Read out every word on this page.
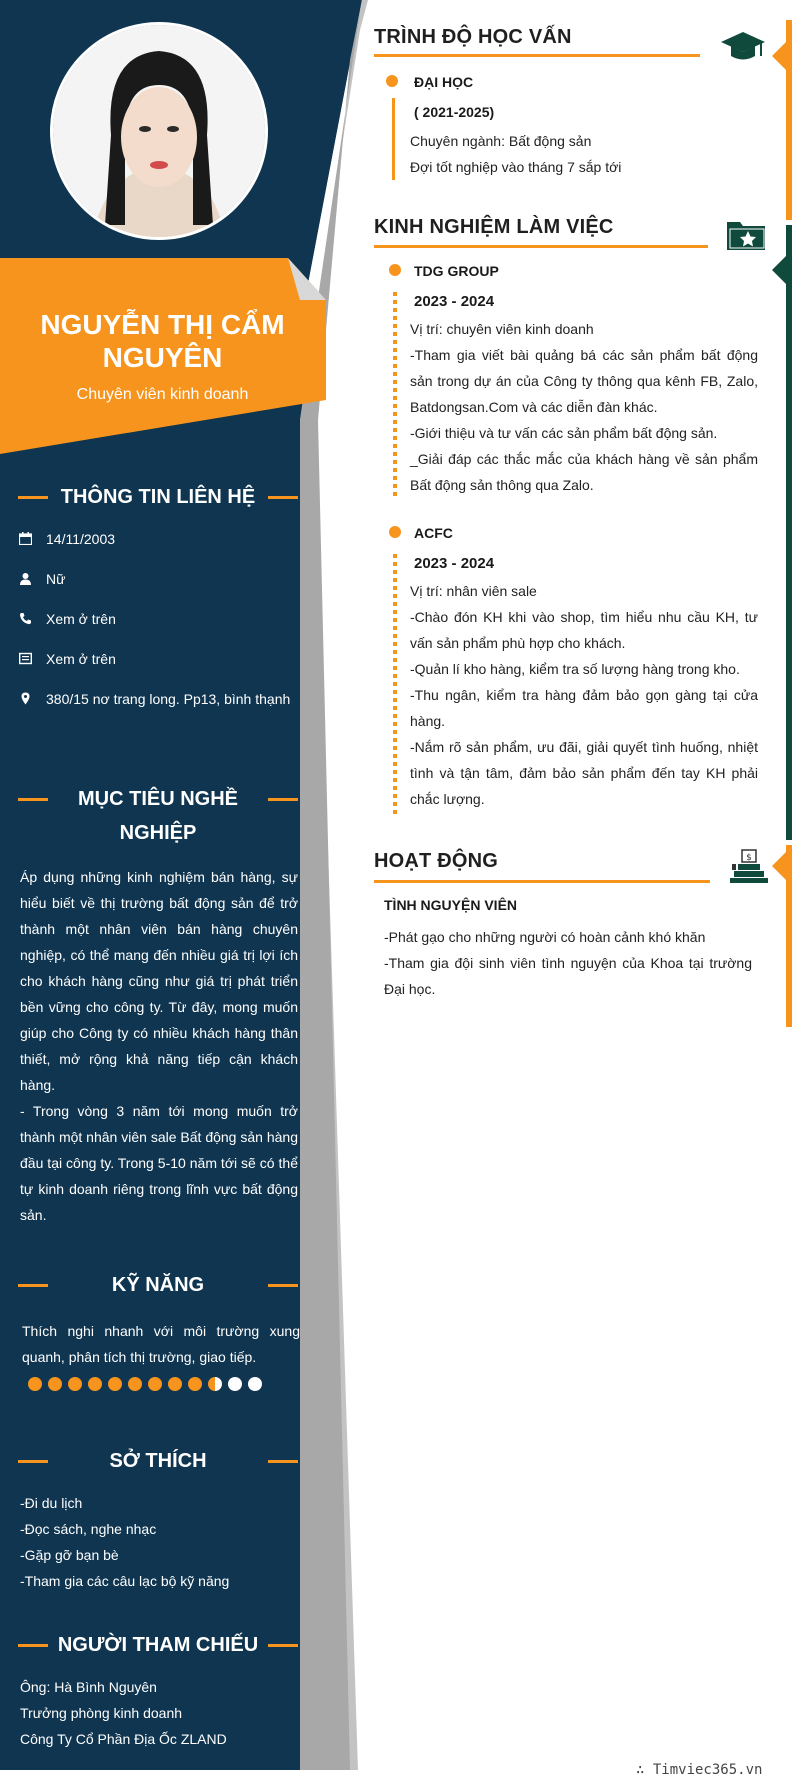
NGUYỄN THỊ CẨM NGUYÊN
Chuyên viên kinh doanh
THÔNG TIN LIÊN HỆ
14/11/2003
Nữ
Xem ở trên
Xem ở trên
380/15 nơ trang long. Pp13, bình thạnh
MỤC TIÊU NGHỀ
NGHIỆP

Áp dụng những kinh nghiệm bán hàng, sự hiểu biết về thị trường bất động sản để trở thành một nhân viên bán hàng chuyên nghiệp, có thể mang đến nhiều giá trị lợi ích cho khách hàng cũng như giá trị phát triển bền vững cho công ty. Từ đây, mong muốn giúp cho Công ty có nhiều khách hàng thân thiết, mở rộng khả năng tiếp cận khách hàng.

- Trong vòng 3 năm tới mong muốn trở thành một nhân viên sale Bất động sản hàng đầu tại công ty. Trong 5-10 năm tới sẽ có thể tự kinh doanh riêng trong lĩnh vực bất động sản.

KỸ NĂNG
Thích nghi nhanh với môi trường xung quanh, phân tích thị trường, giao tiếp.
SỞ THÍCH

-Đi du lịch

-Đọc sách, nghe nhạc

-Gặp gỡ bạn bè

-Tham gia các câu lạc bộ kỹ năng

NGƯỜI THAM CHIẾU

Ông: Hà Bình Nguyên

Trưởng phòng kinh doanh

Công Ty Cổ Phần Địa Ốc ZLAND

TRÌNH ĐỘ HỌC VẤN
ĐẠI HỌC
( 2021-2025)
Chuyên ngành: Bất động sản
Đợi tốt nghiệp vào tháng 7 sắp tới
KINH NGHIỆM LÀM VIỆC
TDG GROUP
2023 - 2024

Vị trí: chuyên viên kinh doanh

-Tham gia viết bài quảng bá các sản phẩm bất động sản trong dự án của Công ty thông qua kênh FB, Zalo, Batdongsan.Com và các diễn đàn khác.

-Giới thiệu và tư vấn các sản phẩm bất động sản.

_Giải đáp các thắc mắc của khách hàng về sản phẩm Bất động sản thông qua Zalo.

ACFC
2023 - 2024

Vị trí: nhân viên sale

-Chào đón KH khi vào shop, tìm hiểu nhu cầu KH, tư vấn sản phẩm phù hợp cho khách.

-Quản lí kho hàng, kiểm tra số lượng hàng trong kho.

-Thu ngân, kiểm tra hàng đảm bảo gọn gàng tại cửa hàng.

-Nắm rõ sản phẩm, ưu đãi, giải quyết tình huống, nhiệt tình và tận tâm, đảm bảo sản phẩm đến tay KH phải chắc lượng.

HOẠT ĐỘNG	$
TÌNH NGUYỆN VIÊN

-Phát gạo cho những người có hoàn cảnh khó khăn

-Tham gia đội sinh viên tình nguyện của Khoa tại trường Đại học.

∴ Timviec365.vn
